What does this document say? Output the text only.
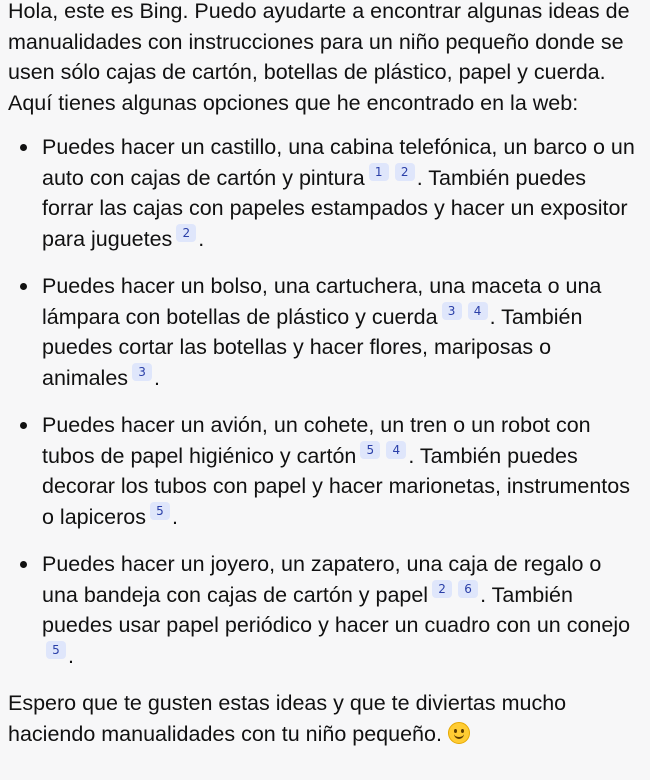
Hola, este es Bing. Puedo ayudarte a encontrar algunas ideas de manualidades con instrucciones para un niño pequeño donde se usen sólo cajas de cartón, botellas de plástico, papel y cuerda. Aquí tienes algunas opciones que he encontrado en la web:

Puedes hacer un castillo, una cabina telefónica, un barco o un auto con cajas de cartón y pintura 1 2 . También puedes forrar las cajas con papeles estampados y hacer un expositor para juguetes 2 .
Puedes hacer un bolso, una cartuchera, una maceta o una lámpara con botellas de plástico y cuerda 3 4 . También puedes cortar las botellas y hacer flores, mariposas o animales 3 .
Puedes hacer un avión, un cohete, un tren o un robot con tubos de papel higiénico y cartón 5 4 . También puedes decorar los tubos con papel y hacer marionetas, instrumentos o lapiceros 5 .
Puedes hacer un joyero, un zapatero, una caja de regalo o una bandeja con cajas de cartón y papel 2 6 . También puedes usar papel periódico y hacer un cuadro con un conejo5 .

Espero que te gusten estas ideas y que te diviertas mucho haciendo manualidades con tu niño pequeño.
